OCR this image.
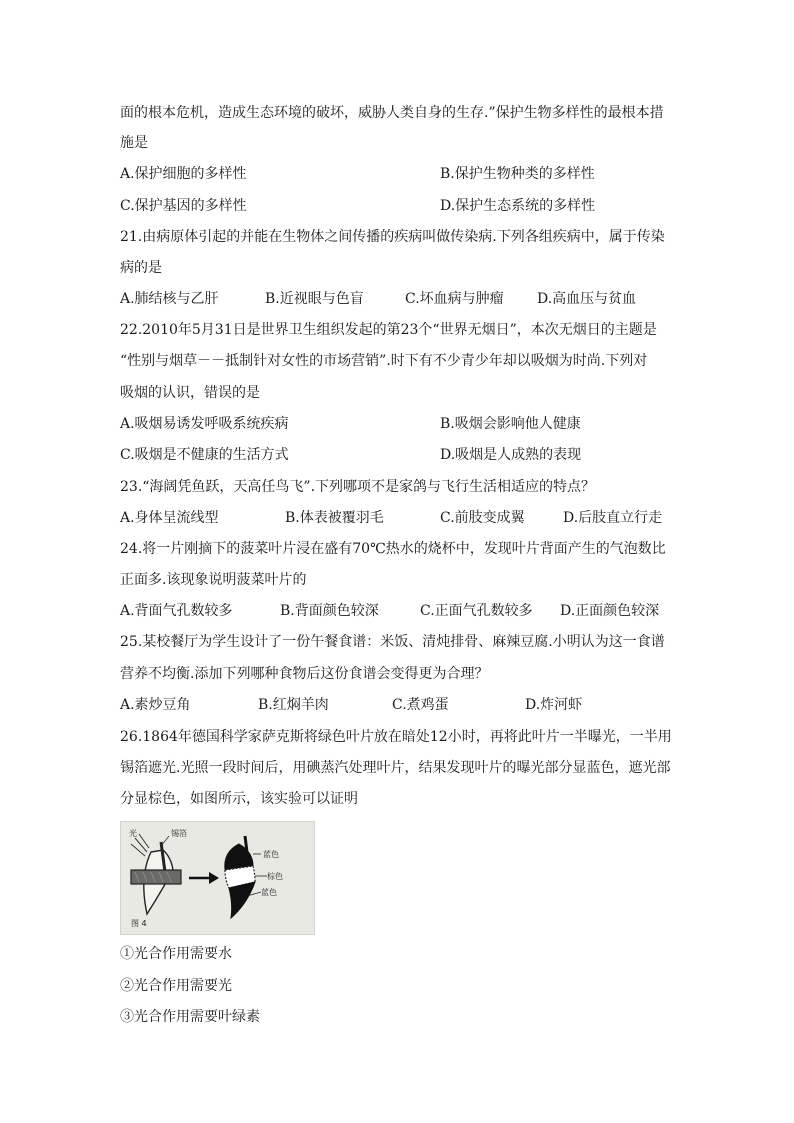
面的根本危机，造成生态环境的破坏，威胁人类自身的生存.”保护生物多样性的最根本措
施是
A.保护细胞的多样性	B.保护生物种类的多样性
C.保护基因的多样性	D.保护生态系统的多样性
21.由病原体引起的并能在生物体之间传播的疾病叫做传染病.下列各组疾病中，属于传染
病的是
A.肺结核与乙肝	B.近视眼与色盲	C.坏血病与肿瘤 D.高血压与贫血
22.2010年5月31日是世界卫生组织发起的第23个“世界无烟日”，本次无烟日的主题是
“性别与烟草－－抵制针对女性的市场营销”.时下有不少青少年却以吸烟为时尚.下列对
吸烟的认识，错误的是
A.吸烟易诱发呼吸系统疾病	B.吸烟会影响他人健康
C.吸烟是不健康的生活方式	D.吸烟是人成熟的表现
23.“海阔凭鱼跃，天高任鸟飞”.下列哪项不是家鸽与飞行生活相适应的特点？
A.身体呈流线型	B.体表被覆羽毛	C.前肢变成翼	D.后肢直立行走
24.将一片刚摘下的菠菜叶片浸在盛有70℃热水的烧杯中，发现叶片背面产生的气泡数比
正面多.该现象说明菠菜叶片的
A.背面气孔数较多	B.背面颜色较深	C.正面气孔数较多 D.正面颜色较深
25.某校餐厅为学生设计了一份午餐食谱：米饭、清炖排骨、麻辣豆腐.小明认为这一食谱
营养不均衡.添加下列哪种食物后这份食谱会变得更为合理？
A.素炒豆角	B.红焖羊肉	C.煮鸡蛋	D.炸河虾
26.1864年德国科学家萨克斯将绿色叶片放在暗处12小时，再将此叶片一半曝光，一半用
锡箔遮光.光照一段时间后，用碘蒸汽处理叶片，结果发现叶片的曝光部分显蓝色，遮光部
分显棕色，如图所示，该实验可以证明
光	锡箔
蓝色
棕色
蓝色
图 4
①光合作用需要水
②光合作用需要光
③光合作用需要叶绿素
